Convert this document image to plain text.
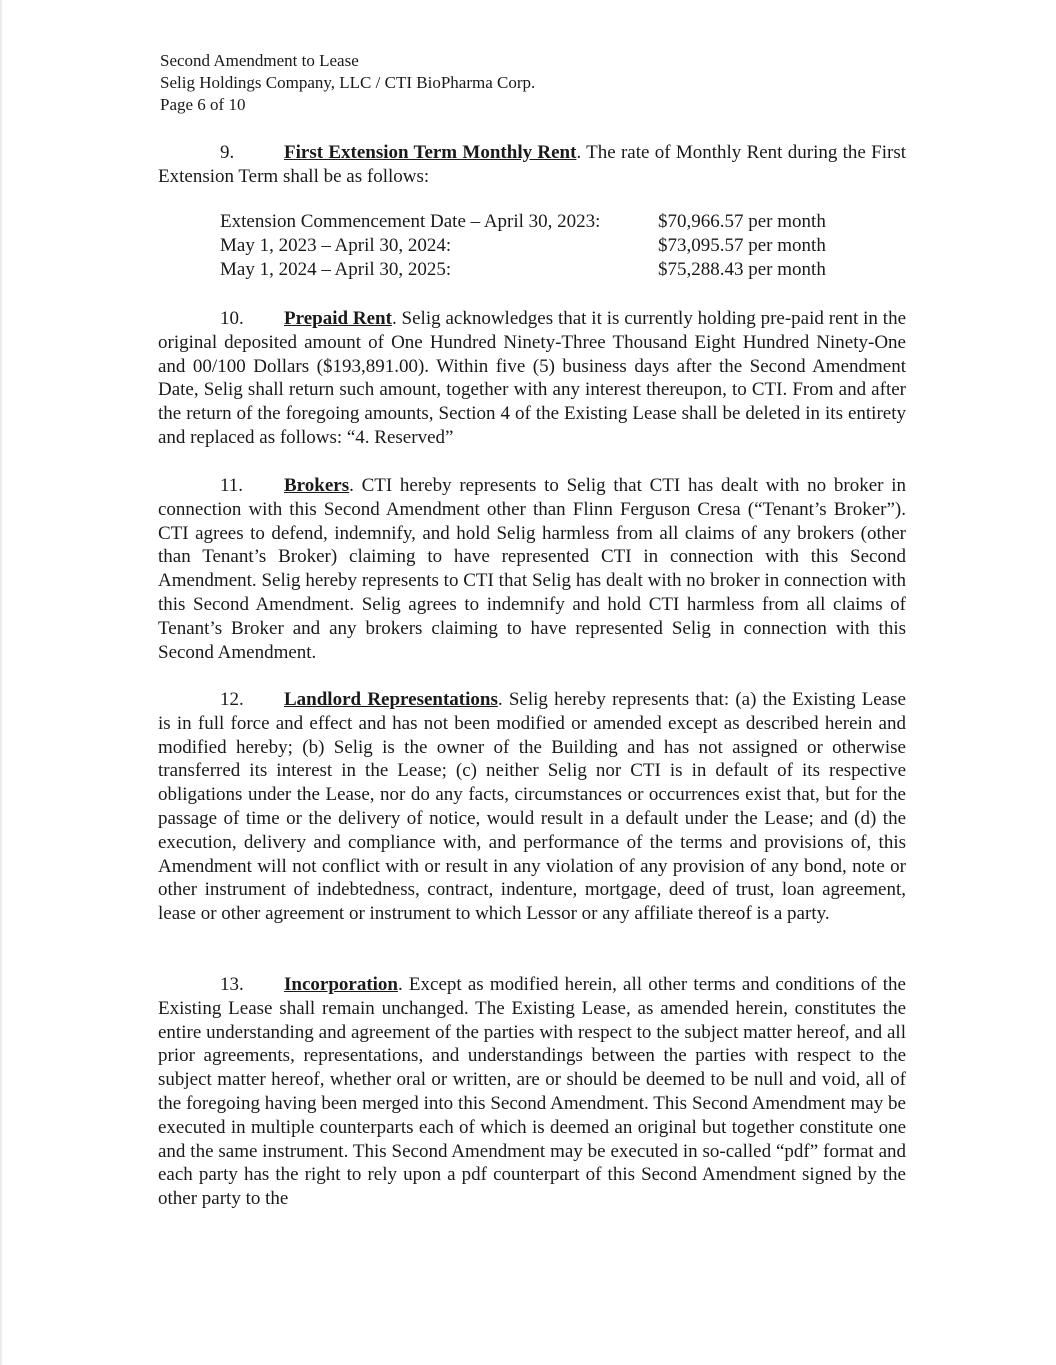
Second Amendment to Lease
Selig Holdings Company, LLC / CTI BioPharma Corp.
Page 6 of 10
9.	First Extension Term Monthly Rent. The rate of Monthly Rent during the First Extension Term shall be as follows:
Extension Commencement Date – April 30, 2023:	$70,966.57 per month
May 1, 2023 – April 30, 2024:	$73,095.57 per month
May 1, 2024 – April 30, 2025:	$75,288.43 per month
10. Prepaid Rent. Selig acknowledges that it is currently holding pre-paid rent in the original deposited amount of One Hundred Ninety-Three Thousand Eight Hundred Ninety-One and 00/100 Dollars ($193,891.00). Within five (5) business days after the Second Amendment Date, Selig shall return such amount, together with any interest thereupon, to CTI. From and after the return of the foregoing amounts, Section 4 of the Existing Lease shall be deleted in its entirety and replaced as follows: “4. Reserved”
11. Brokers. CTI hereby represents to Selig that CTI has dealt with no broker in connection with this Second Amendment other than Flinn Ferguson Cresa (“Tenant’s Broker”). CTI agrees to defend, indemnify, and hold Selig harmless from all claims of any brokers (other than Tenant’s Broker) claiming to have represented CTI in connection with this Second Amendment. Selig hereby represents to CTI that Selig has dealt with no broker in connection with this Second Amendment. Selig agrees to indemnify and hold CTI harmless from all claims of Tenant’s Broker and any brokers claiming to have represented Selig in connection with this Second Amendment.
12. Landlord Representations. Selig hereby represents that: (a) the Existing Lease is in full force and effect and has not been modified or amended except as described herein and modified hereby; (b) Selig is the owner of the Building and has not assigned or otherwise transferred its interest in the Lease; (c) neither Selig nor CTI is in default of its respective obligations under the Lease, nor do any facts, circumstances or occurrences exist that, but for the passage of time or the delivery of notice, would result in a default under the Lease; and (d) the execution, delivery and compliance with, and performance of the terms and provisions of, this Amendment will not conflict with or result in any violation of any provision of any bond, note or other instrument of indebtedness, contract, indenture, mortgage, deed of trust, loan agreement, lease or other agreement or instrument to which Lessor or any affiliate thereof is a party.
13. Incorporation. Except as modified herein, all other terms and conditions of the Existing Lease shall remain unchanged. The Existing Lease, as amended herein, constitutes the entire understanding and agreement of the parties with respect to the subject matter hereof, and all prior agreements, representations, and understandings between the parties with respect to the subject matter hereof, whether oral or written, are or should be deemed to be null and void, all of the foregoing having been merged into this Second Amendment. This Second Amendment may be executed in multiple counterparts each of which is deemed an original but together constitute one and the same instrument. This Second Amendment may be executed in so-called “pdf” format and each party has the right to rely upon a pdf counterpart of this Second Amendment signed by the other party to the
